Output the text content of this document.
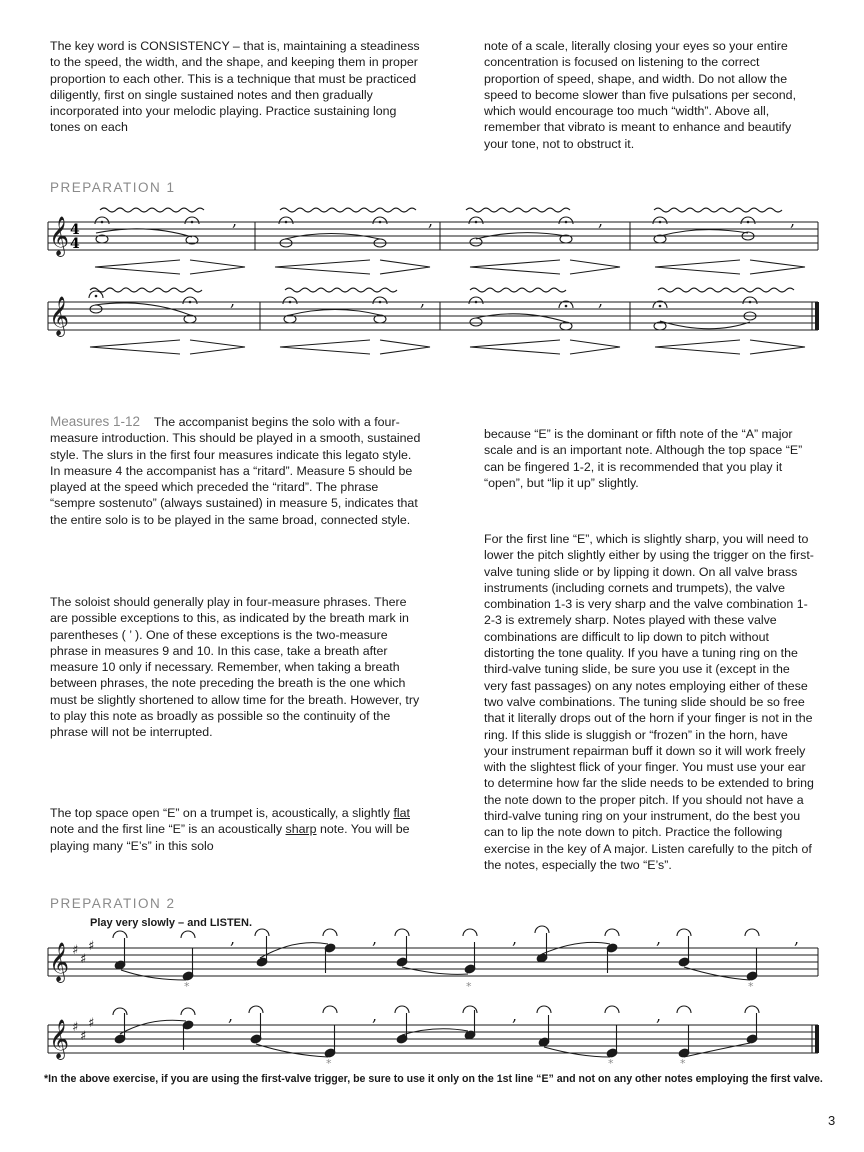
The key word is CONSISTENCY – that is, maintaining a steadiness to the speed, the width, and the shape, and keeping them in proper proportion to each other. This is a technique that must be practiced diligently, first on single sustained notes and then gradually incorporated into your melodic playing. Practice sustaining long tones on each

note of a scale, literally closing your eyes so your entire concentration is focused on listening to the correct proportion of speed, shape, and width. Do not allow the speed to become slower than five pulsations per second, which would encourage too much “width”. Above all, remember that vibrato is meant to enhance and beautify your tone, not to obstruct it.

PREPARATION 1

𝄞 4
4
,	,	,	,
𝄞	,	,	,

Measures 1-12 The accompanist begins the solo with a four-measure introduction. This should be played in a smooth, sustained style. The slurs in the first four measures indicate this legato style. In measure 4 the accompanist has a “ritard”. Measure 5 should be played at the speed which preceded the “ritard”. The phrase “sempre sostenuto” (always sustained) in measure 5, indicates that the entire solo is to be played in the same broad, connected style.

The soloist should generally play in four-measure phrases. There are possible exceptions to this, as indicated by the breath mark in parentheses ( ’ ). One of these exceptions is the two-measure phrase in measures 9 and 10. In this case, take a breath after measure 10 only if necessary. Remember, when taking a breath between phrases, the note preceding the breath is the one which must be slightly shortened to allow time for the breath. However, try to play this note as broadly as possible so the continuity of the phrase will not be interrupted.

The top space open “E” on a trumpet is, acoustically, a slightly flat note and the first line “E” is an acoustically sharp note. You will be playing many “E’s” in this solo

because “E” is the dominant or fifth note of the “A” major scale and is an important note. Although the top space “E” can be fingered 1-2, it is recommended that you play it “open”, but “lip it up” slightly.

For the first line “E”, which is slightly sharp, you will need to lower the pitch slightly either by using the trigger on the first-valve tuning slide or by lipping it down. On all valve brass instruments (including cornets and trumpets), the valve combination 1-3 is very sharp and the valve combination 1-2-3 is extremely sharp. Notes played with these valve combinations are difficult to lip down to pitch without distorting the tone quality. If you have a tuning ring on the third-valve tuning slide, be sure you use it (except in the very fast passages) on any notes employing either of these two valve combinations. The tuning slide should be so free that it literally drops out of the horn if your finger is not in the ring. If this slide is sluggish or “frozen” in the horn, have your instrument repairman buff it down so it will work freely with the slightest flick of your finger. You must use your ear to determine how far the slide needs to be extended to bring the note down to the proper pitch. If you should not have a third-valve tuning ring on your instrument, do the best you can to lip the note down to pitch. Practice the following exercise in the key of A major. Listen carefully to the pitch of the notes, especially the two “E’s”.

PREPARATION 2

Play very slowly – and LISTEN.

𝄞 ♯
♯
♯	,	,	,	,	,
*	*	*
𝄞 ♯
♯
♯	,	,	,	,
*	*	*

*In the above exercise, if you are using the first-valve trigger, be sure to use it only on the 1st line “E” and not on any other notes employing the first valve.

3
